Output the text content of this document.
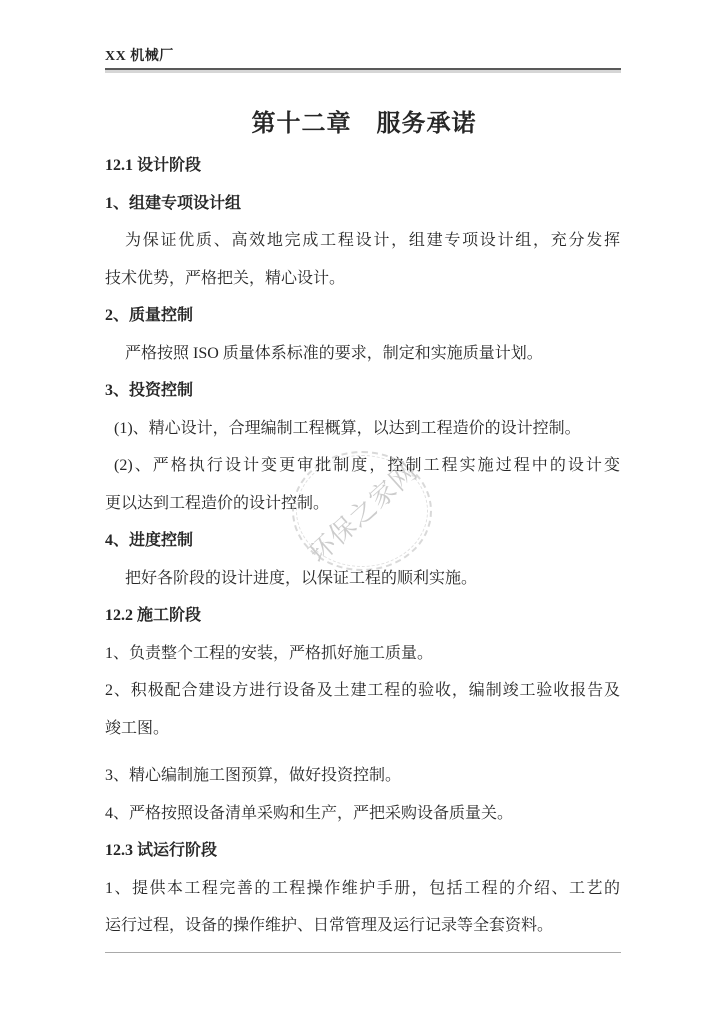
XX 机械厂
第十二章　服务承诺
环保之家网
12.1 设计阶段
1、组建专项设计组
为保证优质、高效地完成工程设计，组建专项设计组，充分发挥
技术优势，严格把关，精心设计。
2、质量控制
严格按照 ISO 质量体系标准的要求，制定和实施质量计划。
3、投资控制
(1)、精心设计，合理编制工程概算，以达到工程造价的设计控制。
(2)、严格执行设计变更审批制度，控制工程实施过程中的设计变
更以达到工程造价的设计控制。
4、进度控制
把好各阶段的设计进度，以保证工程的顺利实施。
12.2 施工阶段
1、负责整个工程的安装，严格抓好施工质量。
2、积极配合建设方进行设备及土建工程的验收，编制竣工验收报告及
竣工图。
3、精心编制施工图预算，做好投资控制。
4、严格按照设备清单采购和生产，严把采购设备质量关。
12.3 试运行阶段
1、提供本工程完善的工程操作维护手册，包括工程的介绍、工艺的
运行过程，设备的操作维护、日常管理及运行记录等全套资料。
